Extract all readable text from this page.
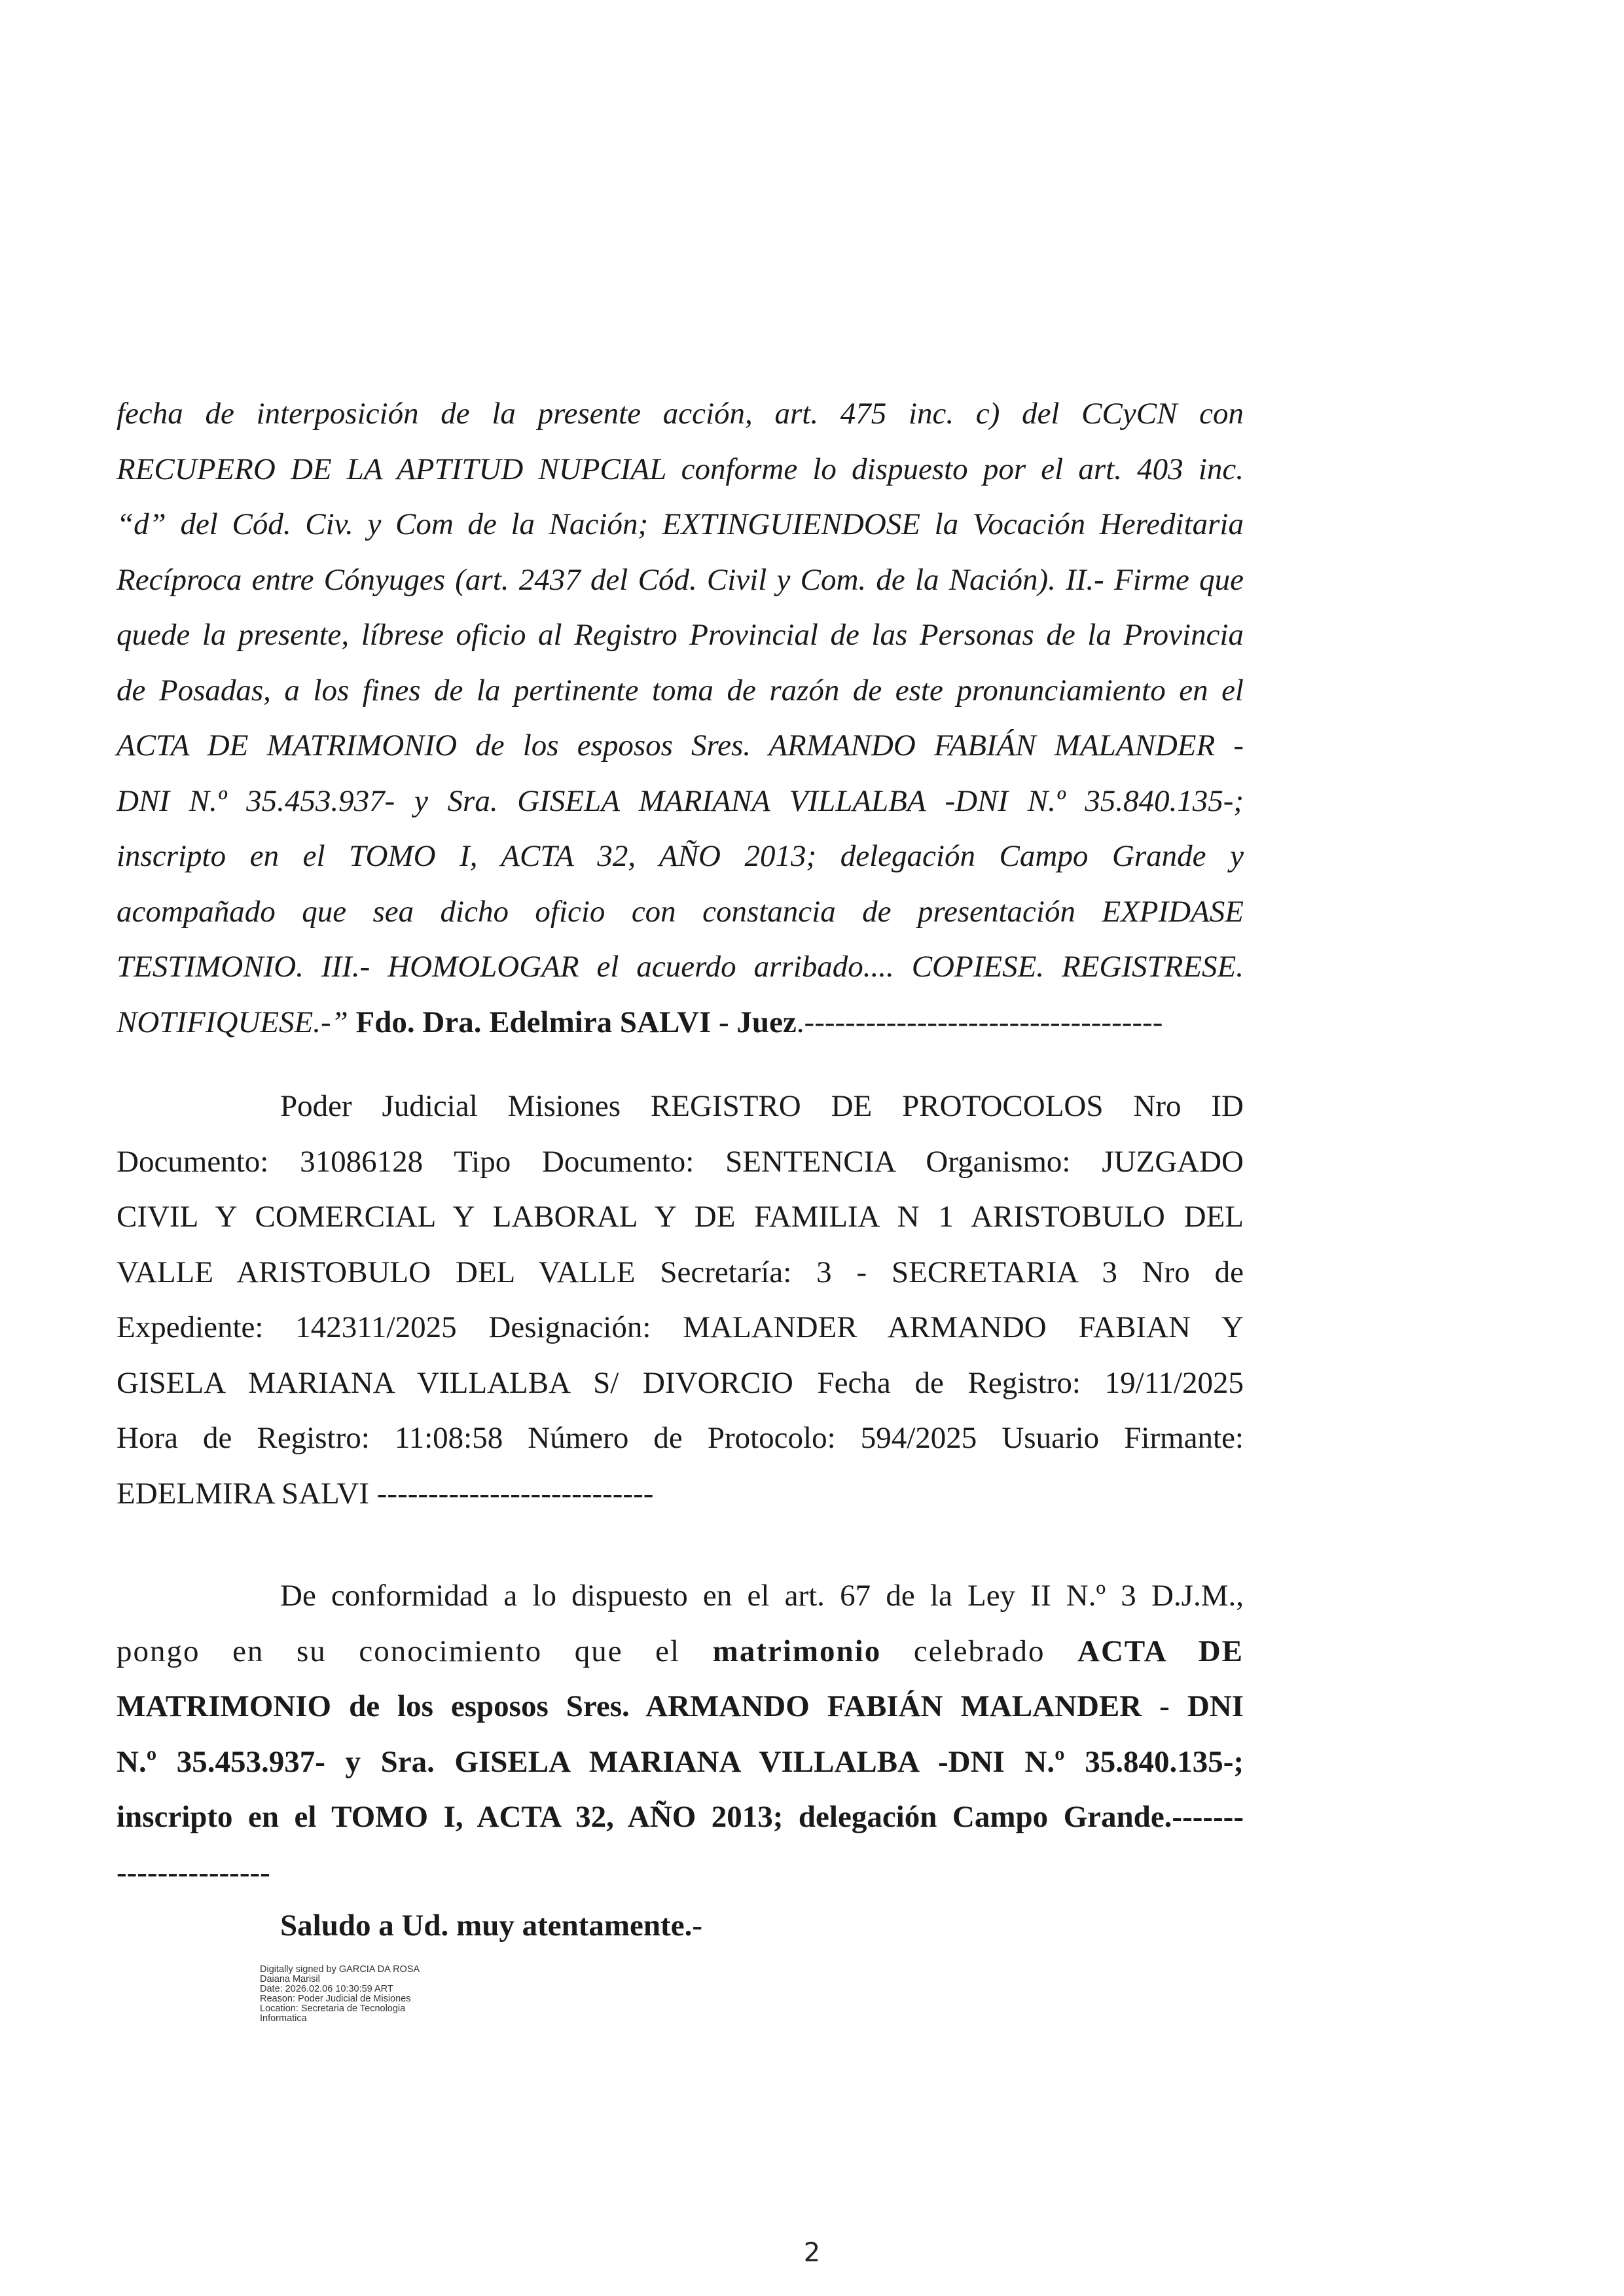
fecha de interposición de la presente acción, art. 475 inc. c) del CCyCN con
RECUPERO DE LA APTITUD NUPCIAL conforme lo dispuesto por el art. 403 inc.
“d” del Cód. Civ. y Com de la Nación; EXTINGUIENDOSE la Vocación Hereditaria
Recíproca entre Cónyuges (art. 2437 del Cód. Civil y Com. de la Nación). II.- Firme que
quede la presente, líbrese oficio al Registro Provincial de las Personas de la Provincia
de Posadas, a los fines de la pertinente toma de razón de este pronunciamiento en el
ACTA DE MATRIMONIO de los esposos Sres. ARMANDO FABIÁN MALANDER -
DNI N.º 35.453.937- y Sra. GISELA MARIANA VILLALBA -DNI N.º 35.840.135-;
inscripto en el TOMO I, ACTA 32, AÑO 2013; delegación Campo Grande y
acompañado que sea dicho oficio con constancia de presentación EXPIDASE
TESTIMONIO. III.- HOMOLOGAR el acuerdo arribado.... COPIESE. REGISTRESE.
NOTIFIQUESE.-” Fdo. Dra. Edelmira SALVI - Juez.-----------------------------------
Poder Judicial Misiones REGISTRO DE PROTOCOLOS Nro ID
Documento: 31086128 Tipo Documento: SENTENCIA Organismo: JUZGADO
CIVIL Y COMERCIAL Y LABORAL Y DE FAMILIA N 1 ARISTOBULO DEL
VALLE ARISTOBULO DEL VALLE Secretaría: 3 - SECRETARIA 3 Nro de
Expediente: 142311/2025 Designación: MALANDER ARMANDO FABIAN Y
GISELA MARIANA VILLALBA S/ DIVORCIO Fecha de Registro: 19/11/2025
Hora de Registro: 11:08:58 Número de Protocolo: 594/2025 Usuario Firmante:
EDELMIRA SALVI ---------------------------
De conformidad a lo dispuesto en el art. 67 de la Ley II N.º 3 D.J.M.,
pongo en su conocimiento que el matrimonio celebrado ACTA DE
MATRIMONIO de los esposos Sres. ARMANDO FABIÁN MALANDER - DNI
N.º 35.453.937- y Sra. GISELA MARIANA VILLALBA -DNI N.º 35.840.135-;
inscripto en el TOMO I, ACTA 32, AÑO 2013; delegación Campo Grande.-------
---------------
Saludo a Ud. muy atentamente.-
Digitally signed by GARCIA DA ROSA
Daiana Marisil
Date: 2026.02.06 10:30:59 ART
Reason: Poder Judicial de Misiones
Location: Secretaria de Tecnologia
Informatica
2
